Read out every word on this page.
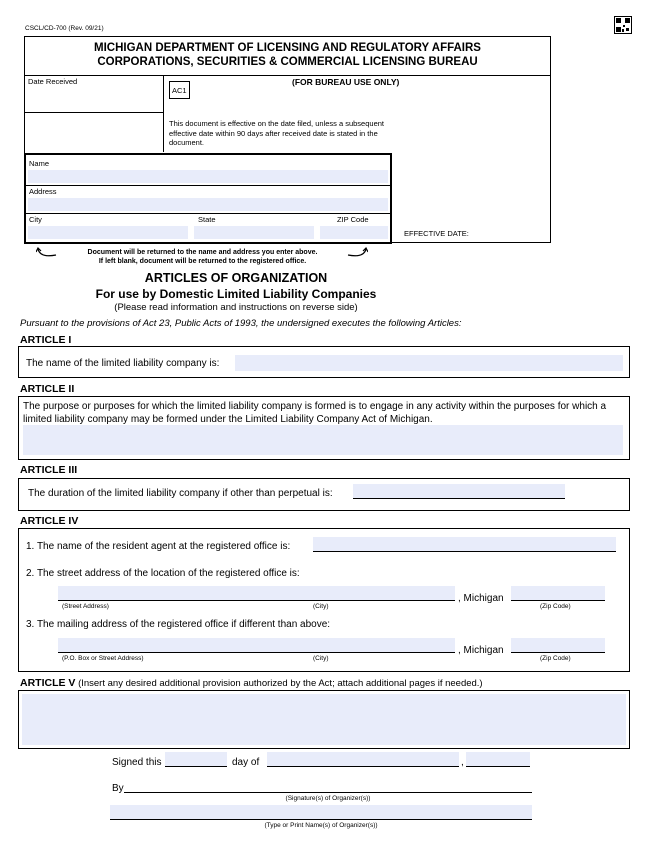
CSCL/CD-700 (Rev. 09/21)
MICHIGAN DEPARTMENT OF LICENSING AND REGULATORY AFFAIRS
CORPORATIONS, SECURITIES & COMMERCIAL LICENSING BUREAU
Date Received
AC1
(FOR BUREAU USE ONLY)
This document is effective on the date filed, unless a subsequent effective date within 90 days after received date is stated in the document.
Name
Address
City	State	ZIP Code
EFFECTIVE DATE:
Document will be returned to the name and address you enter above.
If left blank, document will be returned to the registered office.
ARTICLES OF ORGANIZATION
For use by Domestic Limited Liability Companies
(Please read information and instructions on reverse side)
Pursuant to the provisions of Act 23, Public Acts of 1993, the undersigned executes the following Articles:
ARTICLE I
The name of the limited liability company is:
ARTICLE II
The purpose or purposes for which the limited liability company is formed is to engage in any activity within the purposes for which a limited liability company may be formed under the Limited Liability Company Act of Michigan.
ARTICLE III
The duration of the limited liability company if other than perpetual is:
ARTICLE IV
1. The name of the resident agent at the registered office is:
2. The street address of the location of the registered office is:
, Michigan
(Street Address)	(City)	(Zip Code)
3. The mailing address of the registered office if different than above:
, Michigan
(P.O. Box or Street Address)	(City)	(Zip Code)
ARTICLE V (Insert any desired additional provision authorized by the Act; attach additional pages if needed.)
Signed this	day of	,
By
(Signature(s) of Organizer(s))
(Type or Print Name(s) of Organizer(s))
